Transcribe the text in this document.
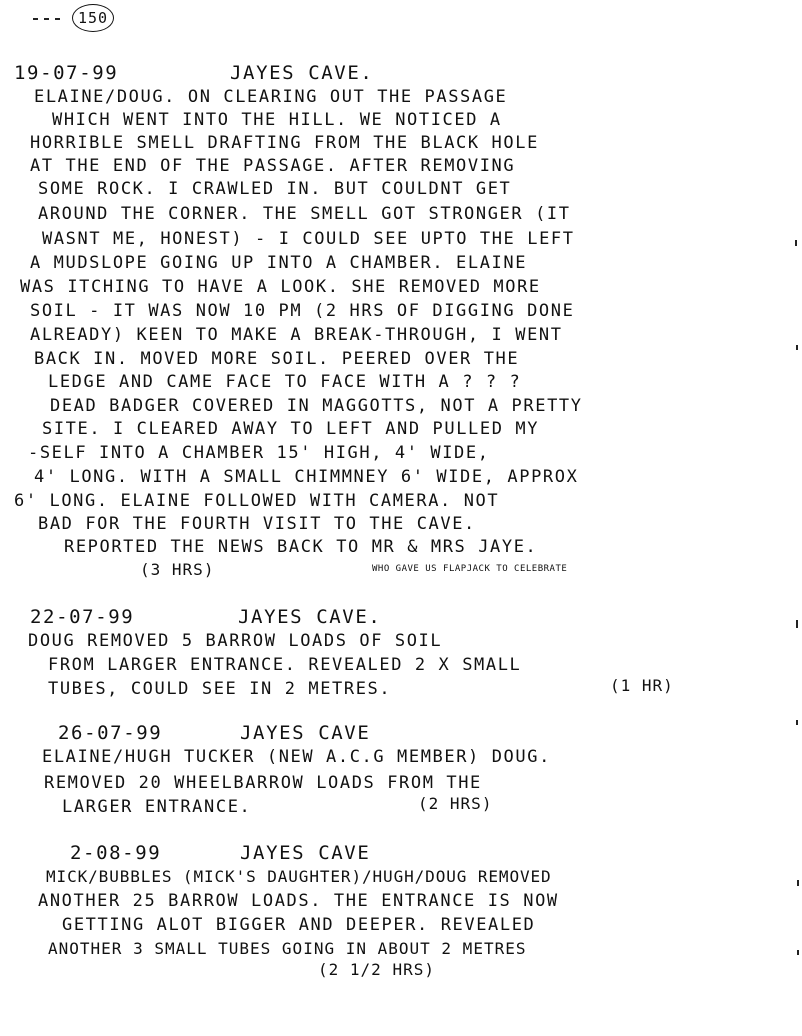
150
19-07-99	JAYES CAVE.
ELAINE/DOUG. ON CLEARING OUT THE PASSAGE
WHICH WENT INTO THE HILL. WE NOTICED A
HORRIBLE SMELL DRAFTING FROM THE BLACK HOLE
AT THE END OF THE PASSAGE. AFTER REMOVING
SOME ROCK. I CRAWLED IN. BUT COULDNT GET
AROUND THE CORNER. THE SMELL GOT STRONGER (IT
WASNT ME, HONEST) - I COULD SEE UPTO THE LEFT
A MUDSLOPE GOING UP INTO A CHAMBER. ELAINE
WAS ITCHING TO HAVE A LOOK. SHE REMOVED MORE
SOIL - IT WAS NOW 10 PM (2 HRS OF DIGGING DONE
ALREADY) KEEN TO MAKE A BREAK-THROUGH, I WENT
BACK IN. MOVED MORE SOIL. PEERED OVER THE
LEDGE AND CAME FACE TO FACE WITH A ? ? ?
DEAD BADGER COVERED IN MAGGOTTS, NOT A PRETTY
SITE. I CLEARED AWAY TO LEFT AND PULLED MY
-SELF INTO A CHAMBER 15' HIGH, 4' WIDE,
4' LONG. WITH A SMALL CHIMMNEY 6' WIDE, APPROX
6' LONG. ELAINE FOLLOWED WITH CAMERA. NOT
BAD FOR THE FOURTH VISIT TO THE CAVE.
REPORTED THE NEWS BACK TO MR & MRS JAYE.
WHO GAVE US FLAPJACK TO CELEBRATE
(3 HRS)
22-07-99	JAYES CAVE.
DOUG REMOVED 5 BARROW LOADS OF SOIL
FROM LARGER ENTRANCE. REVEALED 2 X SMALL
TUBES, COULD SEE IN 2 METRES.	(1 HR)
26-07-99	JAYES CAVE
ELAINE/HUGH TUCKER (NEW A.C.G MEMBER) DOUG.
REMOVED 20 WHEELBARROW LOADS FROM THE
LARGER ENTRANCE.	(2 HRS)
2-08-99	JAYES CAVE
MICK/BUBBLES (MICK'S DAUGHTER)/HUGH/DOUG REMOVED
ANOTHER 25 BARROW LOADS. THE ENTRANCE IS NOW
GETTING ALOT BIGGER AND DEEPER. REVEALED
ANOTHER 3 SMALL TUBES GOING IN ABOUT 2 METRES
(2 1/2 HRS)
